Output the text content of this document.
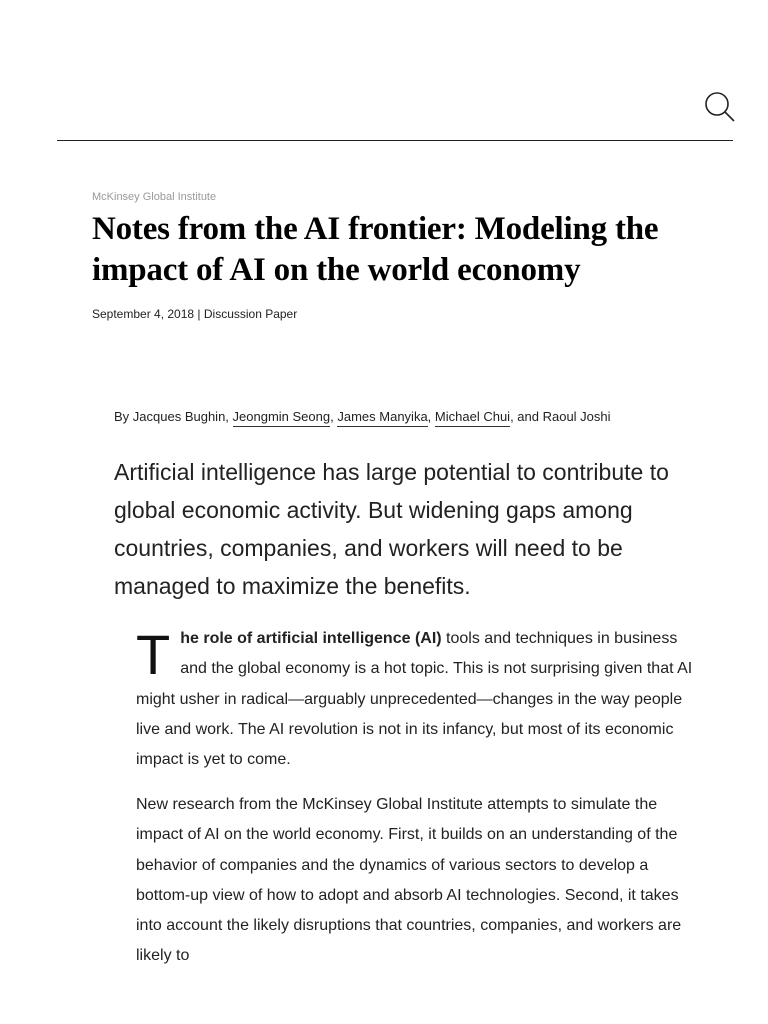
McKinsey Global Institute
Notes from the AI frontier: Modeling the impact of AI on the world economy
September 4, 2018 | Discussion Paper
By Jacques Bughin, Jeongmin Seong, James Manyika, Michael Chui, and Raoul Joshi

Artificial intelligence has large potential to contribute to global economic activity. But widening gaps among countries, companies, and workers will need to be managed to maximize the benefits.

The role of artificial intelligence (AI) tools and techniques in business and the global economy is a hot topic. This is not surprising given that AI might usher in radical—arguably unprecedented—changes in the way people live and work. The AI revolution is not in its infancy, but most of its economic impact is yet to come.

New research from the McKinsey Global Institute attempts to simulate the impact of AI on the world economy. First, it builds on an understanding of the behavior of companies and the dynamics of various sectors to develop a bottom-up view of how to adopt and absorb AI technologies. Second, it takes into account the likely disruptions that countries, companies, and workers are likely to
